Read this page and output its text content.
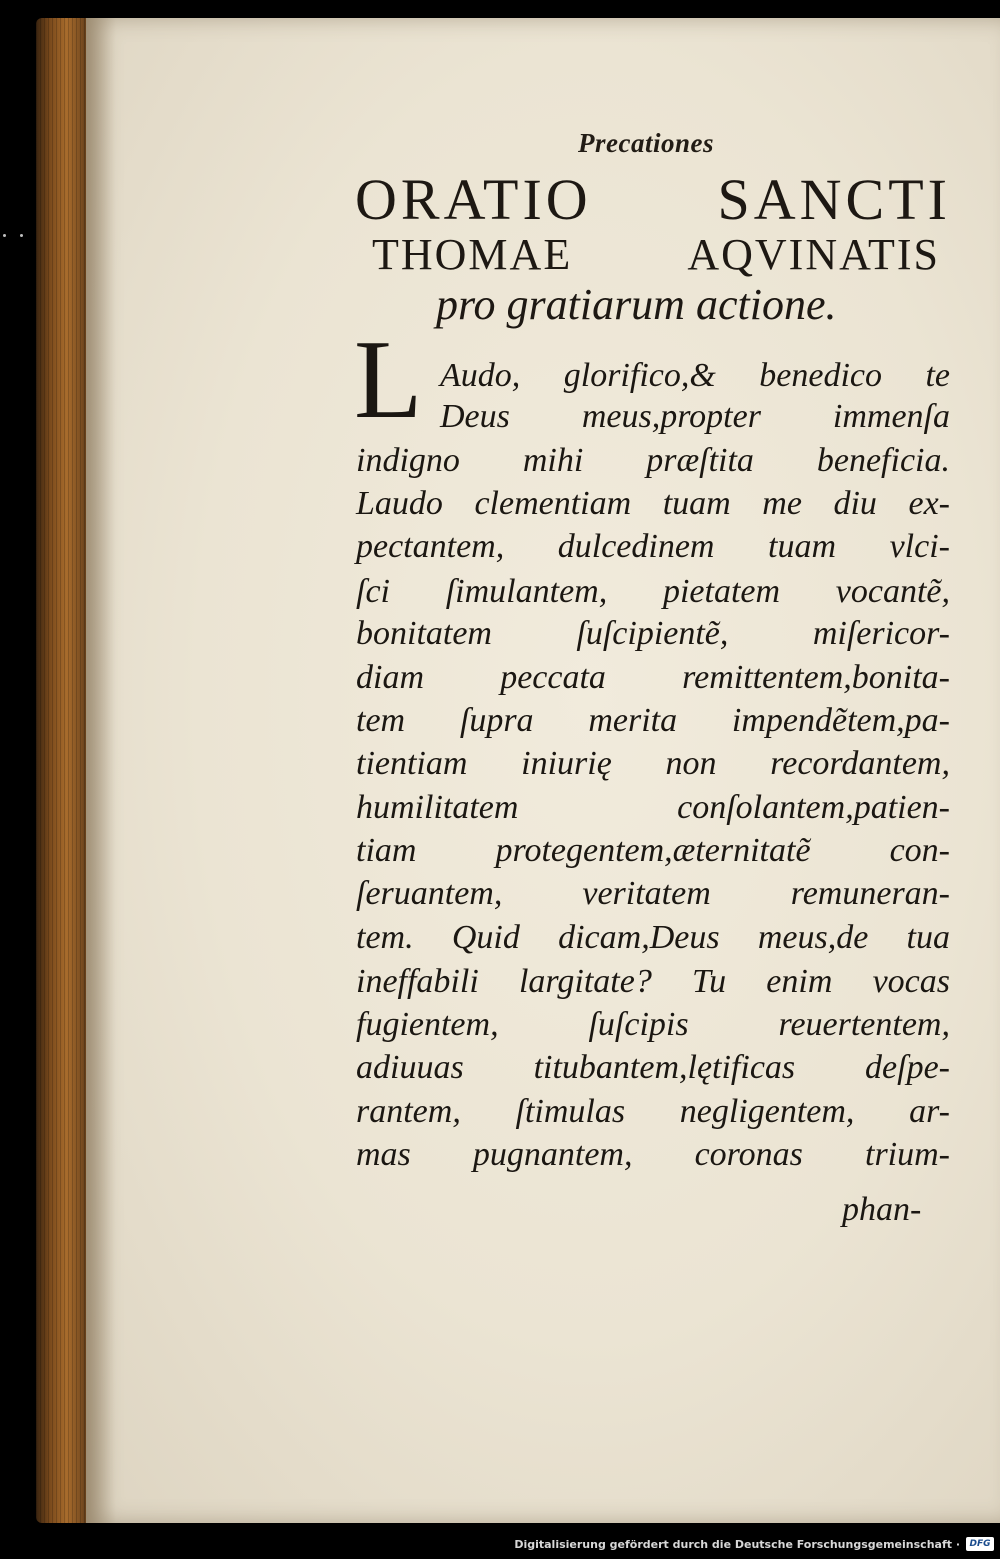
Precationes
ORATIO SANCTI
THOMAE AQVINATIS
pro gratiarum actione.
L Audo, glorifico,& benedico te
Deus meus,propter immenſa
indigno mihi præſtita beneficia.
Laudo clementiam tuam me diu ex-
pectantem, dulcedinem tuam vlci-
ſci ſimulantem, pietatem vocantẽ,
bonitatem ſuſcipientẽ, miſericor-
diam peccata remittentem,bonita-
tem ſupra merita impendẽtem,pa-
tientiam iniurię non recordantem,
humilitatem conſolantem,patien-
tiam protegentem,æternitatẽ con-
ſeruantem, veritatem remuneran-
tem. Quid dicam,Deus meus,de tua
ineffabili largitate? Tu enim vocas
fugientem, ſuſcipis reuertentem,
adiuuas titubantem,lętificas deſpe-
rantem, ſtimulas negligentem, ar-
mas pugnantem, coronas trium-
phan-
Digitalisierung gefördert durch die Deutsche Forschungsgemeinschaft ·	DFG
